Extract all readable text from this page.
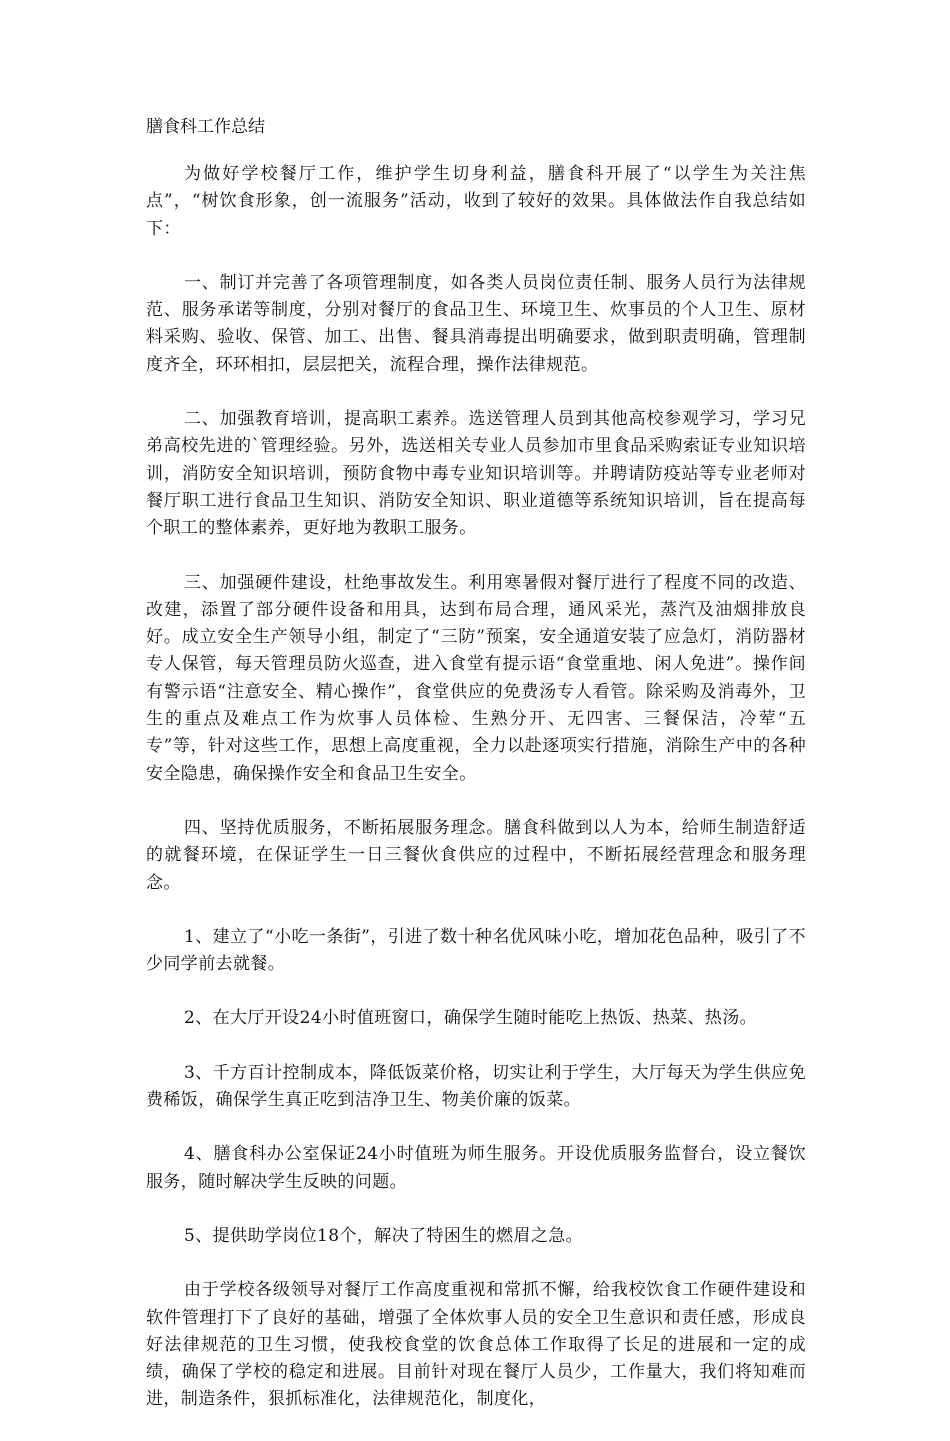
膳食科工作总结

为做好学校餐厅工作，维护学生切身利益，膳食科开展了“以学生为关注焦点”，“树饮食形象，创一流服务”活动，收到了较好的效果。具体做法作自我总结如下：

一、制订并完善了各项管理制度，如各类人员岗位责任制、服务人员行为法律规范、服务承诺等制度，分别对餐厅的食品卫生、环境卫生、炊事员的个人卫生、原材料采购、验收、保管、加工、出售、餐具消毒提出明确要求，做到职责明确，管理制度齐全，环环相扣，层层把关，流程合理，操作法律规范。

二、加强教育培训，提高职工素养。选送管理人员到其他高校参观学习，学习兄弟高校先进的`管理经验。另外，选送相关专业人员参加市里食品采购索证专业知识培训，消防安全知识培训，预防食物中毒专业知识培训等。并聘请防疫站等专业老师对餐厅职工进行食品卫生知识、消防安全知识、职业道德等系统知识培训，旨在提高每个职工的整体素养，更好地为教职工服务。

三、加强硬件建设，杜绝事故发生。利用寒暑假对餐厅进行了程度不同的改造、改建，添置了部分硬件设备和用具，达到布局合理，通风采光，蒸汽及油烟排放良好。成立安全生产领导小组，制定了“三防”预案，安全通道安装了应急灯，消防器材专人保管，每天管理员防火巡查，进入食堂有提示语“食堂重地、闲人免进”。操作间有警示语“注意安全、精心操作”，食堂供应的免费汤专人看管。除采购及消毒外，卫生的重点及难点工作为炊事人员体检、生熟分开、无四害、三餐保洁，冷荤“五专”等，针对这些工作，思想上高度重视，全力以赴逐项实行措施，消除生产中的各种安全隐患，确保操作安全和食品卫生安全。

四、坚持优质服务，不断拓展服务理念。膳食科做到以人为本，给师生制造舒适的就餐环境，在保证学生一日三餐伙食供应的过程中，不断拓展经营理念和服务理念。

1、建立了“小吃一条街”，引进了数十种名优风味小吃，增加花色品种，吸引了不少同学前去就餐。

2、在大厅开设24小时值班窗口，确保学生随时能吃上热饭、热菜、热汤。

3、千方百计控制成本，降低饭菜价格，切实让利于学生，大厅每天为学生供应免费稀饭，确保学生真正吃到洁净卫生、物美价廉的饭菜。

4、膳食科办公室保证24小时值班为师生服务。开设优质服务监督台，设立餐饮服务，随时解决学生反映的问题。

5、提供助学岗位18个，解决了特困生的燃眉之急。

由于学校各级领导对餐厅工作高度重视和常抓不懈，给我校饮食工作硬件建设和软件管理打下了良好的基础，增强了全体炊事人员的安全卫生意识和责任感，形成良好法律规范的卫生习惯，使我校食堂的饮食总体工作取得了长足的进展和一定的成绩，确保了学校的稳定和进展。目前针对现在餐厅人员少，工作量大，我们将知难而进，制造条件，狠抓标准化，法律规范化，制度化，
